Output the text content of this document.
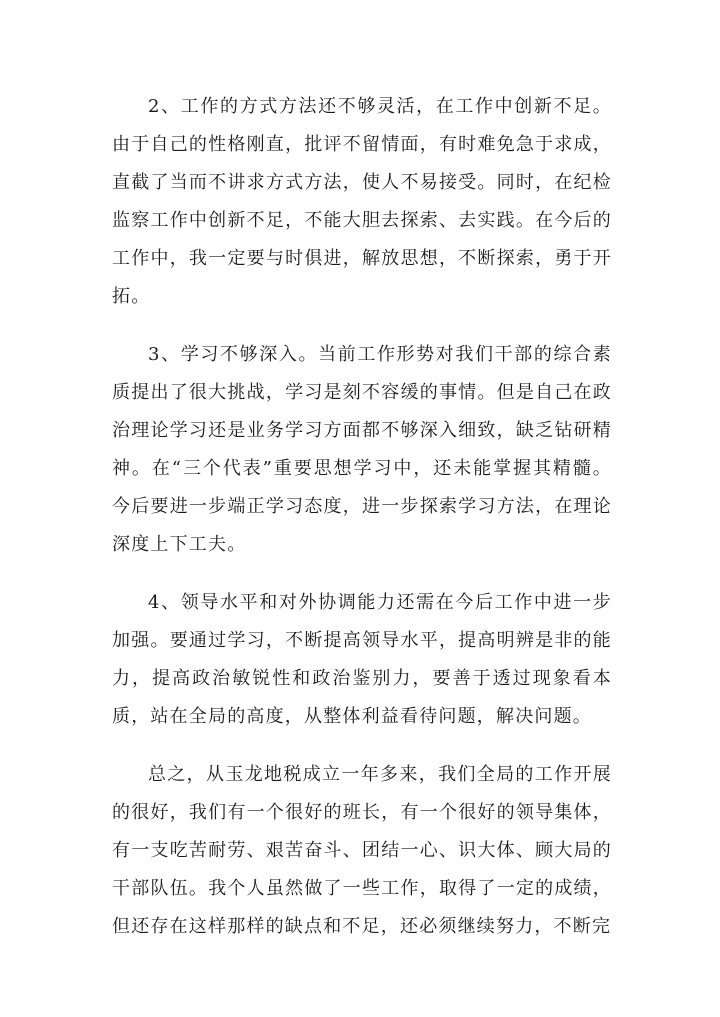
2、工作的方式方法还不够灵活，在工作中创新不足。由于自己的性格刚直，批评不留情面，有时难免急于求成，直截了当而不讲求方式方法，使人不易接受。同时，在纪检监察工作中创新不足，不能大胆去探索、去实践。在今后的工作中，我一定要与时俱进，解放思想，不断探索，勇于开拓。

3、学习不够深入。当前工作形势对我们干部的综合素质提出了很大挑战，学习是刻不容缓的事情。但是自己在政治理论学习还是业务学习方面都不够深入细致，缺乏钻研精神。在“三个代表”重要思想学习中，还未能掌握其精髓。今后要进一步端正学习态度，进一步探索学习方法，在理论深度上下工夫。

4、领导水平和对外协调能力还需在今后工作中进一步加强。要通过学习，不断提高领导水平，提高明辨是非的能力，提高政治敏锐性和政治鉴别力，要善于透过现象看本质，站在全局的高度，从整体利益看待问题，解决问题。

总之，从玉龙地税成立一年多来，我们全局的工作开展的很好，我们有一个很好的班长，有一个很好的领导集体，有一支吃苦耐劳、艰苦奋斗、团结一心、识大体、顾大局的干部队伍。我个人虽然做了一些工作，取得了一定的成绩，但还存在这样那样的缺点和不足，还必须继续努力，不断完
